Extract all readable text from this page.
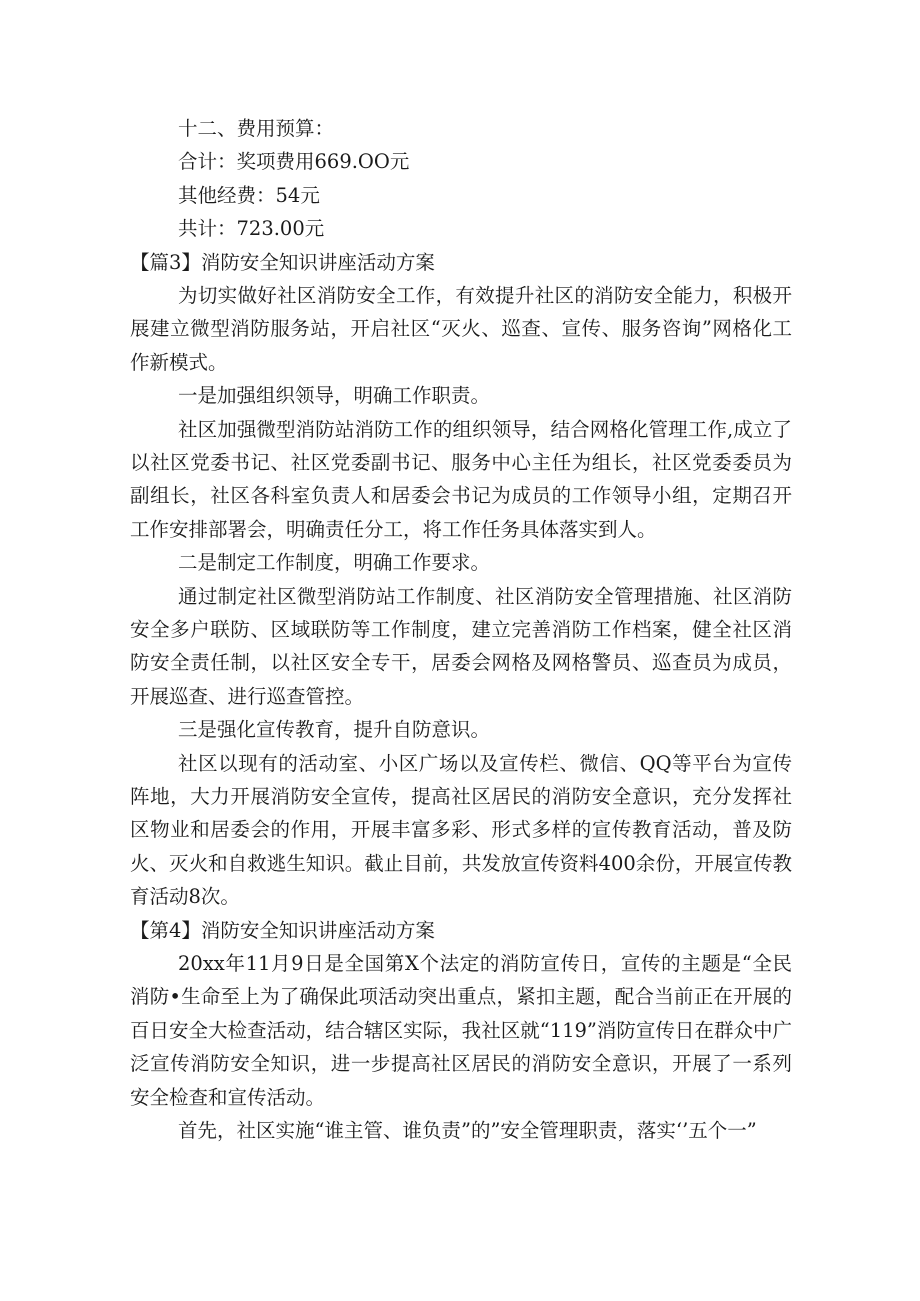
十二、费用预算：

合计：奖项费用669.OO元

其他经费：54元

共计：723.00元

【篇3】消防安全知识讲座活动方案

为切实做好社区消防安全工作，有效提升社区的消防安全能力，积极开展建立微型消防服务站，开启社区“灭火、巡查、宣传、服务咨询”网格化工作新模式。

一是加强组织领导，明确工作职责。

社区加强微型消防站消防工作的组织领导，结合网格化管理工作,成立了以社区党委书记、社区党委副书记、服务中心主任为组长，社区党委委员为副组长，社区各科室负责人和居委会书记为成员的工作领导小组，定期召开工作安排部署会，明确责任分工，将工作任务具体落实到人。

二是制定工作制度，明确工作要求。

通过制定社区微型消防站工作制度、社区消防安全管理措施、社区消防安全多户联防、区域联防等工作制度，建立完善消防工作档案，健全社区消防安全责任制，以社区安全专干，居委会网格及网格警员、巡查员为成员，开展巡查、进行巡查管控。

三是强化宣传教育，提升自防意识。

社区以现有的活动室、小区广场以及宣传栏、微信、QQ等平台为宣传阵地，大力开展消防安全宣传，提高社区居民的消防安全意识，充分发挥社区物业和居委会的作用，开展丰富多彩、形式多样的宣传教育活动，普及防火、灭火和自救逃生知识。截止目前，共发放宣传资料400余份，开展宣传教育活动8次。

【第4】消防安全知识讲座活动方案

20xx年11月9日是全国第X个法定的消防宣传日，宣传的主题是“全民消防•生命至上为了确保此项活动突出重点，紧扣主题，配合当前正在开展的百日安全大检查活动，结合辖区实际，我社区就“119”消防宣传日在群众中广泛宣传消防安全知识，进一步提高社区居民的消防安全意识，开展了一系列安全检查和宣传活动。

首先，社区实施“谁主管、谁负责”的”安全管理职责，落实‘’五个一”
